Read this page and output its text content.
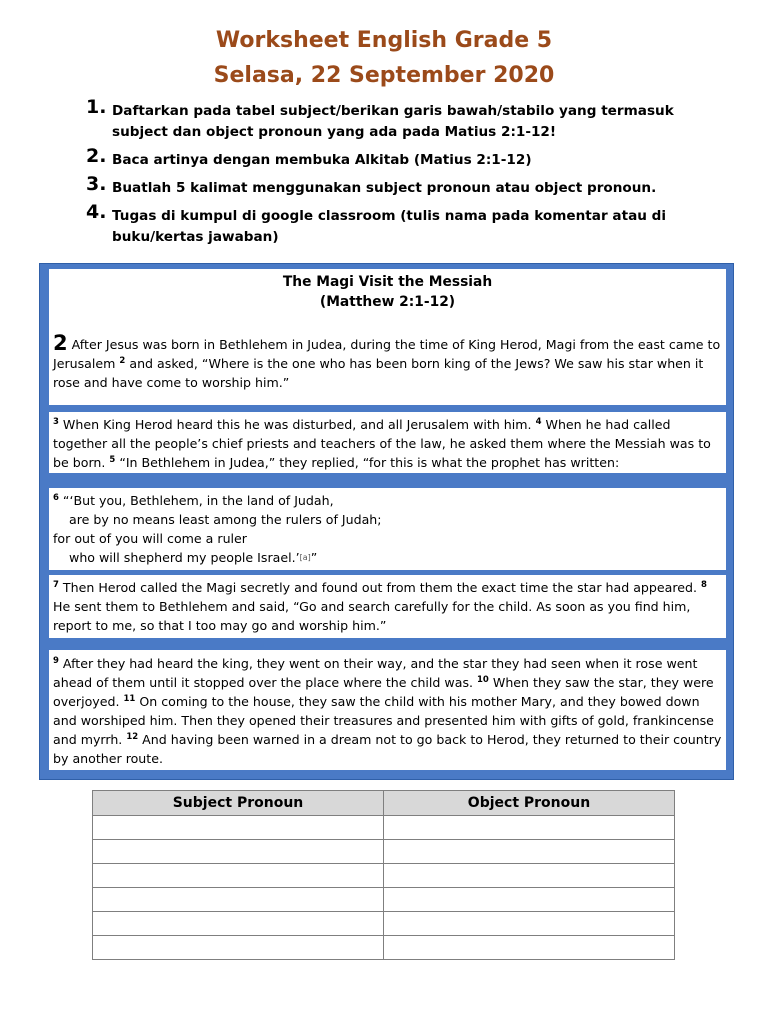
Worksheet English Grade 5
Selasa, 22 September 2020
1. Daftarkan pada tabel subject/berikan garis bawah/stabilo yang termasuk subject dan object pronoun yang ada pada Matius 2:1-12!
2. Baca artinya dengan membuka Alkitab (Matius 2:1-12)
3. Buatlah 5 kalimat menggunakan subject pronoun atau object pronoun.
4. Tugas di kumpul di google classroom (tulis nama pada komentar atau di buku/kertas jawaban)
The Magi Visit the Messiah
(Matthew 2:1-12)
2 After Jesus was born in Bethlehem in Judea, during the time of King Herod, Magi from the east came to Jerusalem $^2$ and asked, “Where is the one who has been born king of the Jews? We saw his star when it rose and have come to worship him.”
$^3$ When King Herod heard this he was disturbed, and all Jerusalem with him. $^4$ When he had called together all the people’s chief priests and teachers of the law, he asked them where the Messiah was to be born. $^5$ “In Bethlehem in Judea,” they replied, “for this is what the prophet has written:
$^6$ “‘But you, Bethlehem, in the land of Judah,
are by no means least among the rulers of Judah;
for out of you will come a ruler
who will shepherd my people Israel.’[a]”
$^7$ Then Herod called the Magi secretly and found out from them the exact time the star had appeared. $^8$ He sent them to Bethlehem and said, “Go and search carefully for the child. As soon as you find him, report to me, so that I too may go and worship him.”
$^9$ After they had heard the king, they went on their way, and the star they had seen when it rose went ahead of them until it stopped over the place where the child was. $^{10}$ When they saw the star, they were overjoyed. $^{11}$ On coming to the house, they saw the child with his mother Mary, and they bowed down and worshiped him. Then they opened their treasures and presented him with gifts of gold, frankincense and myrrh. $^{12}$ And having been warned in a dream not to go back to Herod, they returned to their country by another route.
Subject Pronoun	Object Pronoun
